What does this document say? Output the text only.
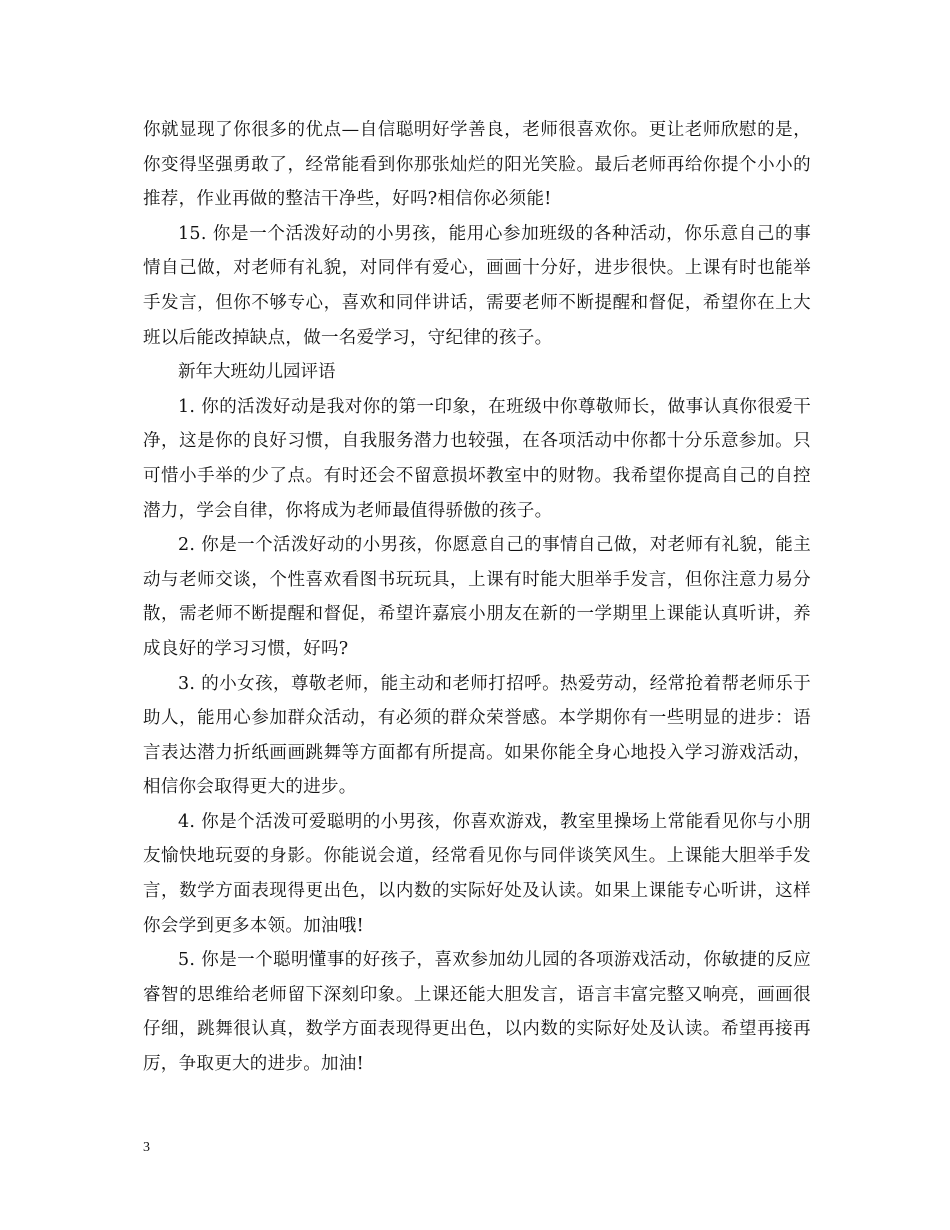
你就显现了你很多的优点—自信聪明好学善良，老师很喜欢你。更让老师欣慰的是，你变得坚强勇敢了，经常能看到你那张灿烂的阳光笑脸。最后老师再给你提个小小的推荐，作业再做的整洁干净些，好吗?相信你必须能!

15. 你是一个活泼好动的小男孩，能用心参加班级的各种活动，你乐意自己的事情自己做，对老师有礼貌，对同伴有爱心，画画十分好，进步很快。上课有时也能举手发言，但你不够专心，喜欢和同伴讲话，需要老师不断提醒和督促，希望你在上大班以后能改掉缺点，做一名爱学习，守纪律的孩子。

新年大班幼儿园评语

1. 你的活泼好动是我对你的第一印象，在班级中你尊敬师长，做事认真你很爱干净，这是你的良好习惯，自我服务潜力也较强，在各项活动中你都十分乐意参加。只可惜小手举的少了点。有时还会不留意损坏教室中的财物。我希望你提高自己的自控潜力，学会自律，你将成为老师最值得骄傲的孩子。

2. 你是一个活泼好动的小男孩，你愿意自己的事情自己做，对老师有礼貌，能主动与老师交谈，个性喜欢看图书玩玩具，上课有时能大胆举手发言，但你注意力易分散，需老师不断提醒和督促，希望许嘉宸小朋友在新的一学期里上课能认真听讲，养成良好的学习习惯，好吗?

3. 的小女孩，尊敬老师，能主动和老师打招呼。热爱劳动，经常抢着帮老师乐于助人，能用心参加群众活动，有必须的群众荣誉感。本学期你有一些明显的进步：语言表达潜力折纸画画跳舞等方面都有所提高。如果你能全身心地投入学习游戏活动，相信你会取得更大的进步。

4. 你是个活泼可爱聪明的小男孩，你喜欢游戏，教室里操场上常能看见你与小朋友愉快地玩耍的身影。你能说会道，经常看见你与同伴谈笑风生。上课能大胆举手发言，数学方面表现得更出色，以内数的实际好处及认读。如果上课能专心听讲，这样你会学到更多本领。加油哦!

5. 你是一个聪明懂事的好孩子，喜欢参加幼儿园的各项游戏活动，你敏捷的反应睿智的思维给老师留下深刻印象。上课还能大胆发言，语言丰富完整又响亮，画画很仔细，跳舞很认真，数学方面表现得更出色，以内数的实际好处及认读。希望再接再厉，争取更大的进步。加油!

3
